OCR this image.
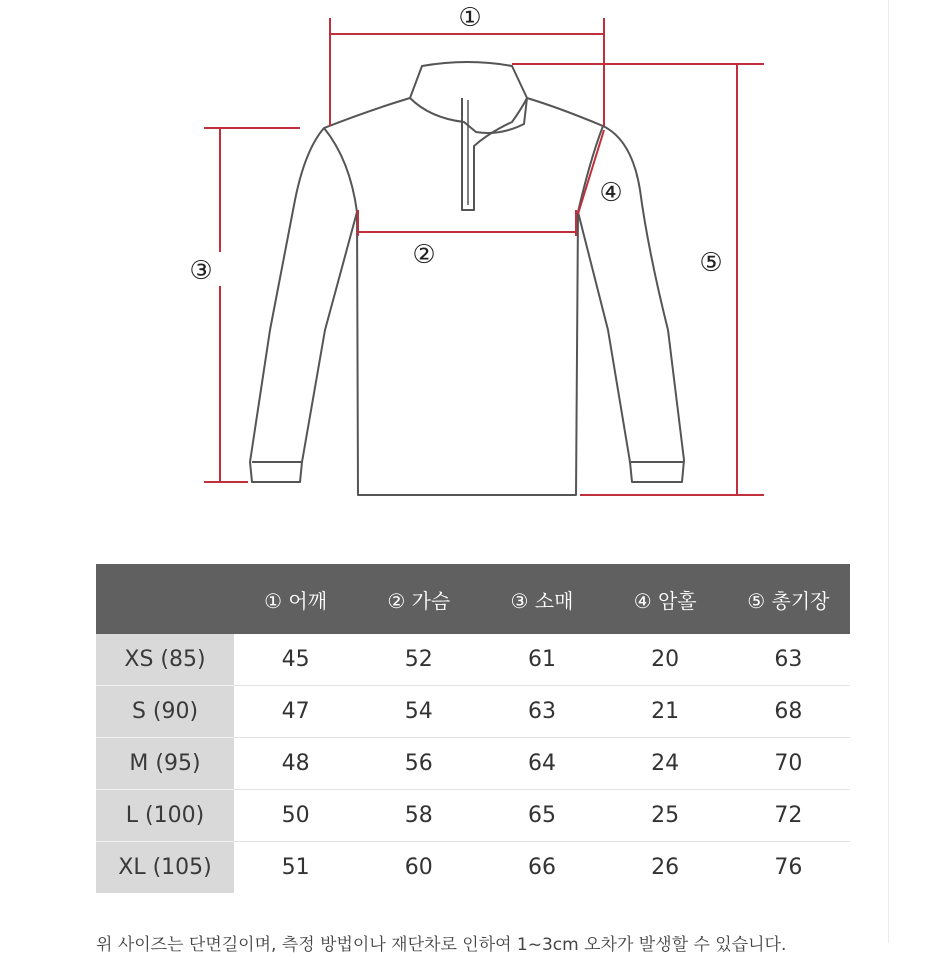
①
②
③
④
⑤
	① 어깨	② 가슴	③ 소매	④ 암홀	⑤ 총기장
XS (85)	45	52	61	20	63
S (90)	47	54	63	21	68
M (95)	48	56	64	24	70
L (100)	50	58	65	25	72
XL (105)	51	60	66	26	76
위 사이즈는 단면길이며, 측정 방법이나 재단차로 인하여 1~3cm 오차가 발생할 수 있습니다.
